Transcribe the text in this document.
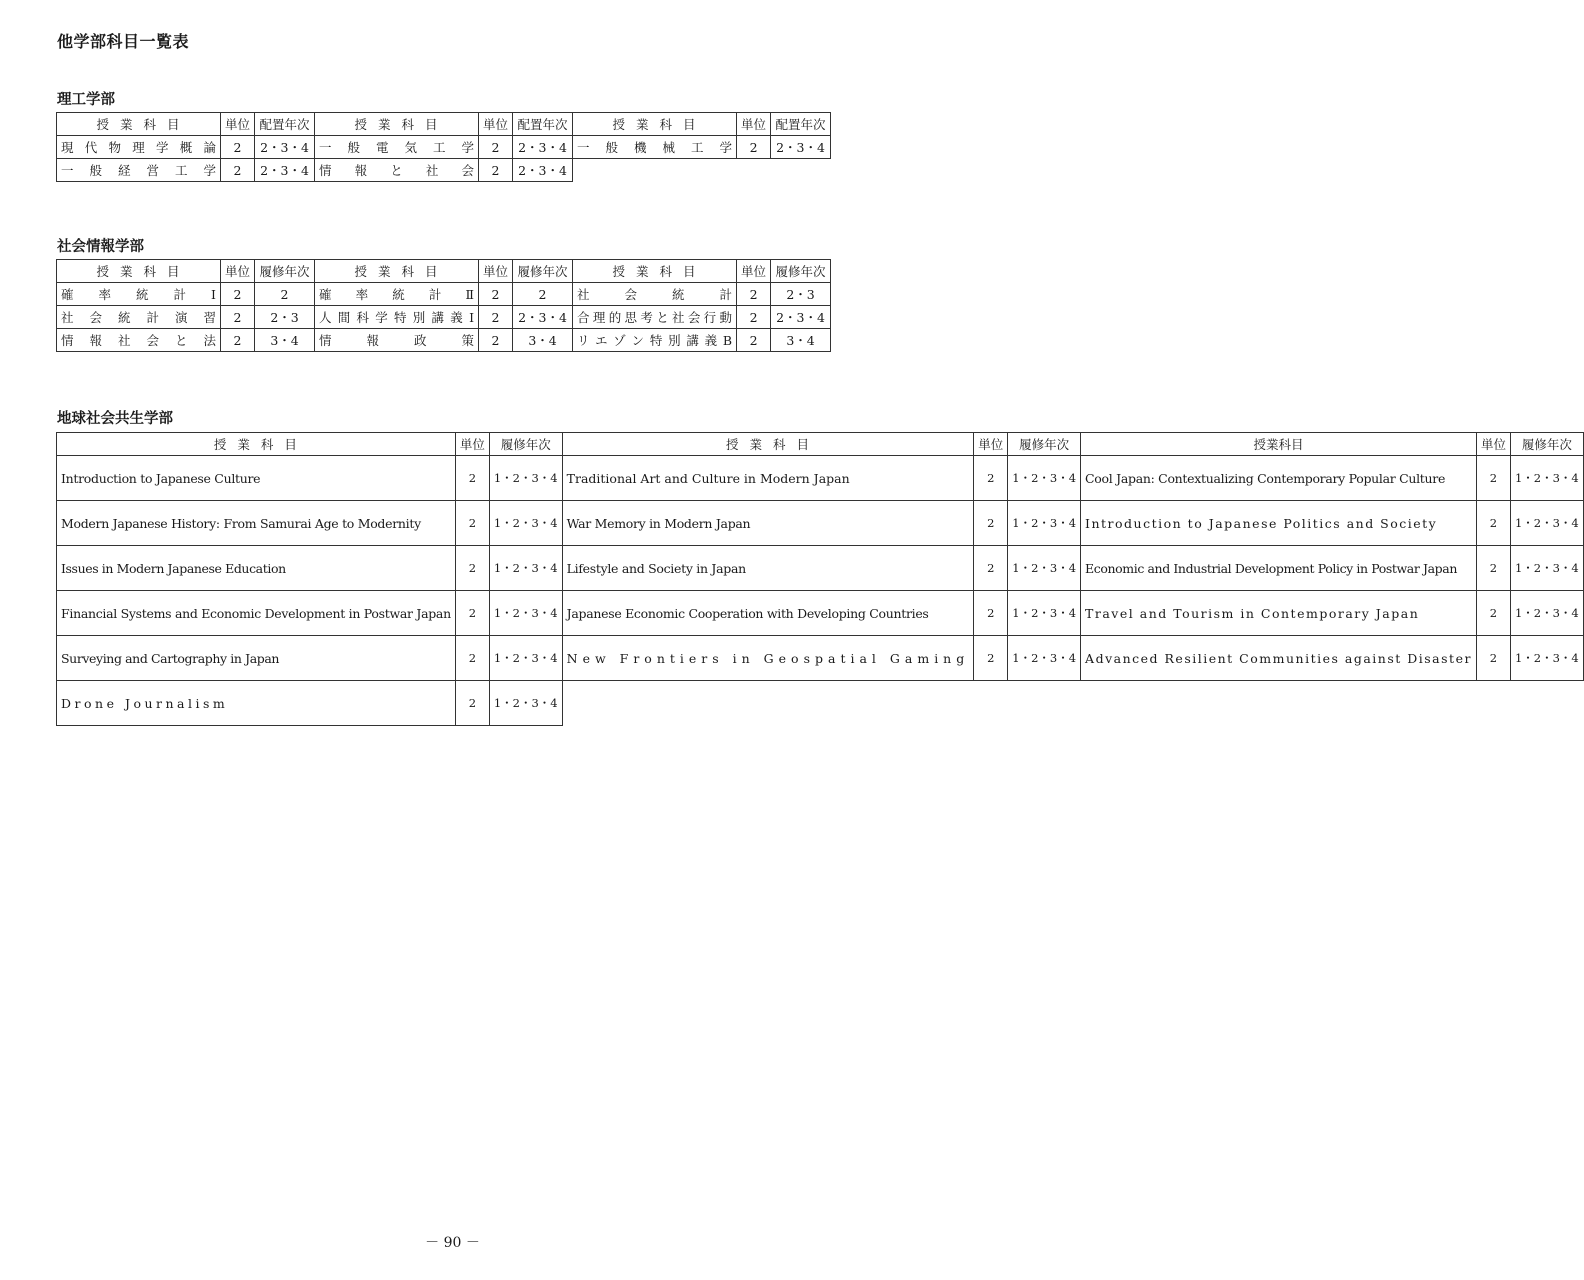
他学部科目一覧表
理工学部
授業科目	単位	配置年次	授業科目	単位	配置年次	授業科目	単位	配置年次
現代物理学概論	2	2・3・4	一般電気工学	2	2・3・4	一般機械工学	2	2・3・4
一般経営工学	2	2・3・4	情報と社会	2	2・3・4			
社会情報学部
授業科目	単位	履修年次	授業科目	単位	履修年次	授業科目	単位	履修年次
確率統計Ⅰ	2	2	確率統計Ⅱ	2	2	社会統計	2	2・3
社会統計演習	2	2・3	人間科学特別講義Ⅰ	2	2・3・4	合理的思考と社会行動	2	2・3・4
情報社会と法	2	3・4	情報政策	2	3・4	リエゾン特別講義B	2	3・4
地球社会共生学部
授業科目	単位	履修年次	授業科目	単位	履修年次	授業科目	単位	履修年次
Introduction to Japanese Culture	2	1・2・3・4	Traditional Art and Culture in Modern Japan	2	1・2・3・4	Cool Japan: Contextualizing Contemporary Popular Culture	2	1・2・3・4
Modern Japanese History: From Samurai Age to Modernity	2	1・2・3・4	War Memory in Modern Japan	2	1・2・3・4	Introduction to Japanese Politics and Society	2	1・2・3・4
Issues in Modern Japanese Education	2	1・2・3・4	Lifestyle and Society in Japan	2	1・2・3・4	Economic and Industrial Development Policy in Postwar Japan	2	1・2・3・4
Financial Systems and Economic Development in Postwar Japan	2	1・2・3・4	Japanese Economic Cooperation with Developing Countries	2	1・2・3・4	Travel and Tourism in Contemporary Japan	2	1・2・3・4
Surveying and Cartography in Japan	2	1・2・3・4	New Frontiers in Geospatial Gaming	2	1・2・3・4	Advanced Resilient Communities against Disaster	2	1・2・3・4
Drone Journalism	2	1・2・3・4						
－ 90 －
